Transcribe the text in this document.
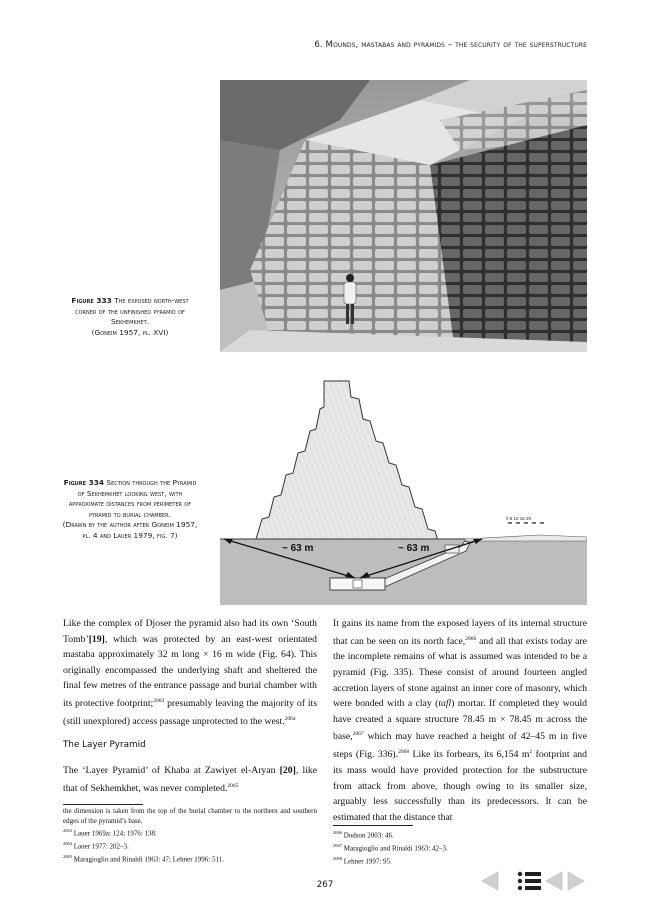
6. Mounds, mastabas and pyramids – the security of the superstructure
Figure 333 The exposed north-west corner of the unfinished pyramid of Sekhemkhet.
(Goneim 1957, pl. XVI)
~ 63 m	~ 63 m
0 5 10 15 20
Figure 334 Section through the Pyramid of Sekhemkhet looking west, with approximate distances from perimeter of pyramid to burial chamber.
(Drawn by the author after Goneim 1957, pl. 4 and Lauer 1979, fig. 7)

Like the complex of Djoser the pyramid also had its own ‘South Tomb’[19], which was protected by an east-west orientated mastaba approximately 32 m long × 16 m wide (Fig. 64). This originally encompassed the underlying shaft and sheltered the final few metres of the entrance passage and burial chamber with its protective footprint;$^{2063}$ presumably leaving the majority of its (still unexplored) access passage unprotected to the west.$^{2064}$

The Layer Pyramid

The ‘Layer Pyramid’ of Khaba at Zawiyet el-Aryan [20], like that of Sekhemkhet, was never completed.$^{2065}$

It gains its name from the exposed layers of its internal structure that can be seen on its north face,$^{2066}$ and all that exists today are the incomplete remains of what is assumed was intended to be a pyramid (Fig. 335). These consist of around fourteen angled accretion layers of stone against an inner core of masonry, which were bonded with a clay (tafl) mortar. If completed they would have created a square structure 78.45 m × 78.45 m across the base,$^{2067}$ which may have reached a height of 42–45 m in five steps (Fig. 336).$^{2068}$ Like its forbears, its 6,154 $m^2$ footprint and its mass would have provided protection for the substructure from attack from above, though owing to its smaller size, arguably less successfully than its predecessors. It can be estimated that the distance that

the dimension is taken from the top of the burial chamber to the northern and southern edges of the pyramid’s base.
$^{2063}$ Lauer 1969a: 124; 1976: 138.
$^{2064}$ Lauer 1977: 202–3.
$^{2065}$ Maragioglio and Rinaldi 1963: 47; Lehner 1996: 511.
$^{2066}$ Dodson 2003: 46.
$^{2067}$ Maragioglio and Rinaldi 1963: 42–3.
$^{2068}$ Lehner 1997: 95.
267
